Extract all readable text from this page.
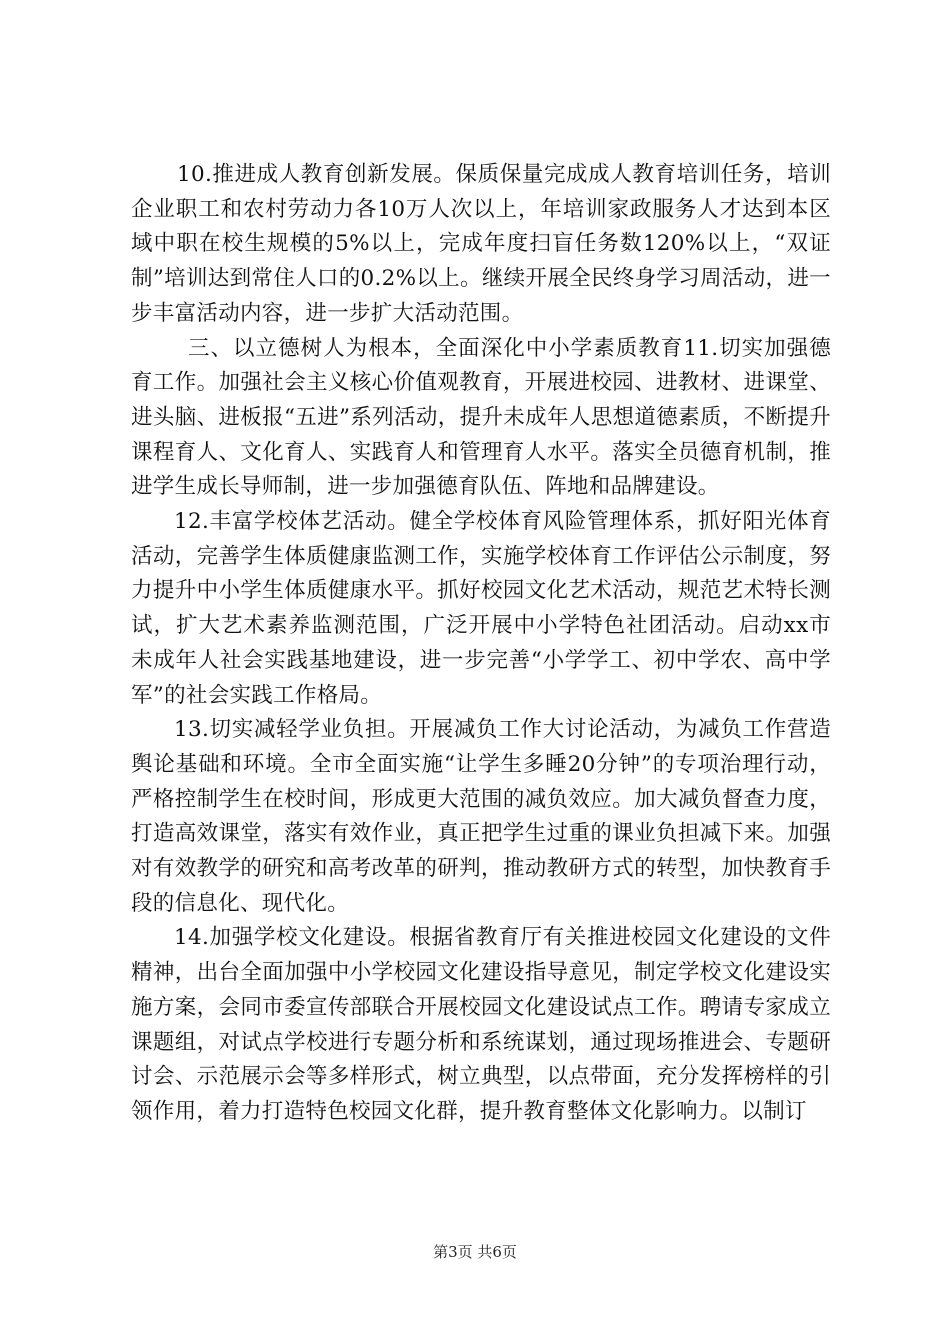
10.推进成人教育创新发展。保质保量完成成人教育培训任务，培训企业职工和农村劳动力各10万人次以上，年培训家政服务人才达到本区域中职在校生规模的5%以上，完成年度扫盲任务数120%以上，“双证制”培训达到常住人口的0.2%以上。继续开展全民终身学习周活动，进一步丰富活动内容，进一步扩大活动范围。

三、以立德树人为根本，全面深化中小学素质教育11.切实加强德育工作。加强社会主义核心价值观教育，开展进校园、进教材、进课堂、进头脑、进板报“五进”系列活动，提升未成年人思想道德素质，不断提升课程育人、文化育人、实践育人和管理育人水平。落实全员德育机制，推进学生成长导师制，进一步加强德育队伍、阵地和品牌建设。

12.丰富学校体艺活动。健全学校体育风险管理体系，抓好阳光体育活动，完善学生体质健康监测工作，实施学校体育工作评估公示制度，努力提升中小学生体质健康水平。抓好校园文化艺术活动，规范艺术特长测试，扩大艺术素养监测范围，广泛开展中小学特色社团活动。启动xx市未成年人社会实践基地建设，进一步完善“小学学工、初中学农、高中学军”的社会实践工作格局。

13.切实减轻学业负担。开展减负工作大讨论活动，为减负工作营造舆论基础和环境。全市全面实施“让学生多睡20分钟”的专项治理行动，严格控制学生在校时间，形成更大范围的减负效应。加大减负督查力度，打造高效课堂，落实有效作业，真正把学生过重的课业负担减下来。加强对有效教学的研究和高考改革的研判，推动教研方式的转型，加快教育手段的信息化、现代化。

14.加强学校文化建设。根据省教育厅有关推进校园文化建设的文件精神，出台全面加强中小学校园文化建设指导意见，制定学校文化建设实施方案，会同市委宣传部联合开展校园文化建设试点工作。聘请专家成立课题组，对试点学校进行专题分析和系统谋划，通过现场推进会、专题研讨会、示范展示会等多样形式，树立典型，以点带面，充分发挥榜样的引领作用，着力打造特色校园文化群，提升教育整体文化影响力。以制订

第3页 共6页
